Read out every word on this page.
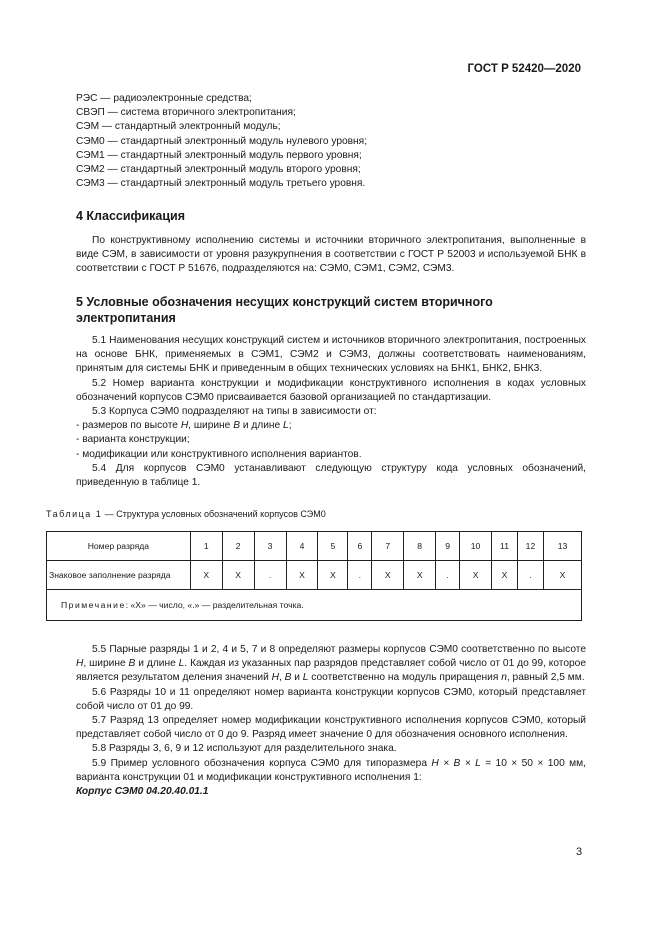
ГОСТ Р 52420—2020
РЭС — радиоэлектронные средства;
СВЭП — система вторичного электропитания;
СЭМ — стандартный электронный модуль;
СЭМ0 — стандартный электронный модуль нулевого уровня;
СЭМ1 — стандартный электронный модуль первого уровня;
СЭМ2 — стандартный электронный модуль второго уровня;
СЭМ3 — стандартный электронный модуль третьего уровня.
4 Классификация

По конструктивному исполнению системы и источники вторичного электропитания, выполненные в виде СЭМ, в зависимости от уровня разукрупнения в соответствии с ГОСТ Р 52003 и используемой БНК в соответствии с ГОСТ Р 51676, подразделяются на: СЭМ0, СЭМ1, СЭМ2, СЭМ3.

5 Условные обозначения несущих конструкций систем вторичного электропитания

5.1 Наименования несущих конструкций систем и источников вторичного электропитания, построенных на основе БНК, применяемых в СЭМ1, СЭМ2 и СЭМ3, должны соответствовать наименованиям, принятым для системы БНК и приведенным в общих технических условиях на БНК1, БНК2, БНК3.

5.2 Номер варианта конструкции и модификации конструктивного исполнения в кодах условных обозначений корпусов СЭМ0 присваивается базовой организацией по стандартизации.

5.3 Корпуса СЭМ0 подразделяют на типы в зависимости от:

- размеров по высоте H, ширине B и длине L;

- варианта конструкции;

- модификации или конструктивного исполнения вариантов.

5.4 Для корпусов СЭМ0 устанавливают следующую структуру кода условных обозначений, приведенную в таблице 1.

Таблица 1 — Структура условных обозначений корпусов СЭМ0
Номер разряда	1	2	3	4	5	6	7	8	9	10	11	12	13
Знаковое заполнение разряда	X	X	.	X	X	.	X	X	.	X	X	.	X
Примечание: «X» — число, «.» — разделительная точка.													

5.5 Парные разряды 1 и 2, 4 и 5, 7 и 8 определяют размеры корпусов СЭМ0 соответственно по высоте H, ширине B и длине L. Каждая из указанных пар разрядов представляет собой число от 01 до 99, которое является результатом деления значений H, B и L соответственно на модуль приращения n, равный 2,5 мм.

5.6 Разряды 10 и 11 определяют номер варианта конструкции корпусов СЭМ0, который представляет собой число от 01 до 99.

5.7 Разряд 13 определяет номер модификации конструктивного исполнения корпусов СЭМ0, который представляет собой число от 0 до 9. Разряд имеет значение 0 для обозначения основного исполнения.

5.8 Разряды 3, 6, 9 и 12 используют для разделительного знака.

5.9 Пример условного обозначения корпуса СЭМ0 для типоразмера H × B × L = 10 × 50 × 100 мм, варианта конструкции 01 и модификации конструктивного исполнения 1:

Корпус СЭМ0 04.20.40.01.1

3
